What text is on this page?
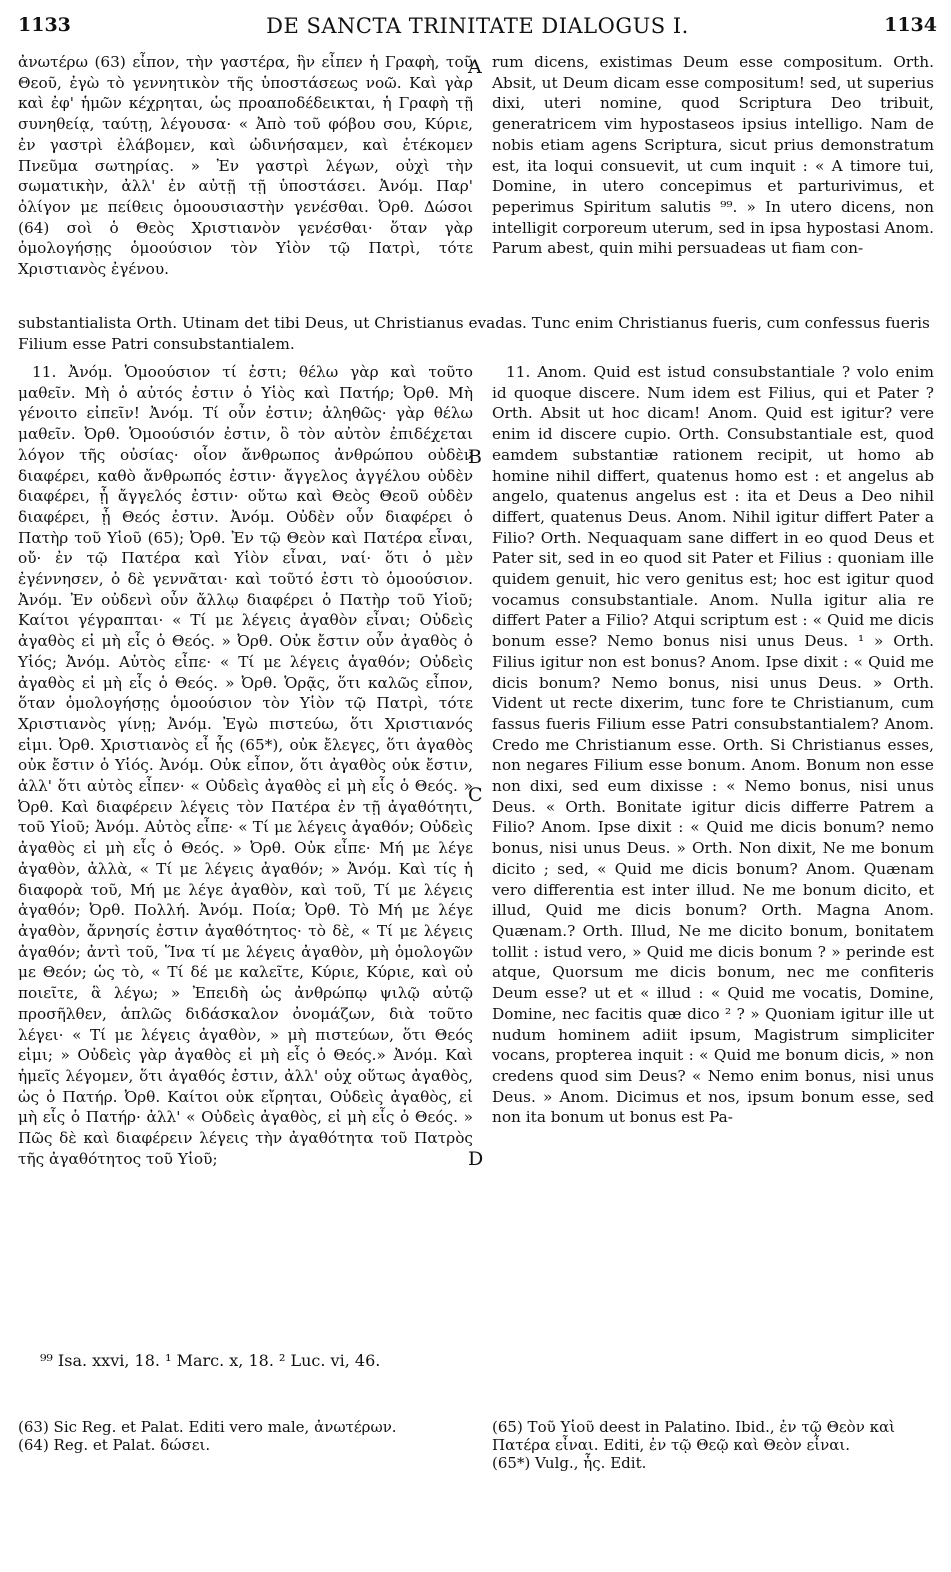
1133	DE SANCTA TRINITATE DIALOGUS I.	1134

ἀνωτέρω (63) εἶπον, τὴν γαστέρα, ἣν εἶπεν ἡ Γραφὴ, τοῦ Θεοῦ, ἐγὼ τὸ γεννητικὸν τῆς ὑποστάσεως νοῶ. Καὶ γὰρ καὶ ἐφ' ἡμῶν κέχρηται, ὡς προαποδέδεικται, ἡ Γραφὴ τῇ συνηθείᾳ, ταύτῃ, λέγουσα· « Ἀπὸ τοῦ φόβου σου, Κύριε, ἐν γαστρὶ ἐλάβομεν, καὶ ὠδινήσαμεν, καὶ ἐτέκομεν Πνεῦμα σωτηρίας. » Ἐν γαστρὶ λέγων, οὐχὶ τὴν σωματικὴν, ἀλλ' ἐν αὐτῇ τῇ ὑποστάσει. Ἀνόμ. Παρ' ὀλίγον με πείθεις ὁμοουσιαστὴν γενέσθαι. Ὀρθ. Δώσοι (64) σοὶ ὁ Θεὸς Χριστιανὸν γενέσθαι· ὅταν γὰρ ὁμολογήσῃς ὁμοούσιον τὸν Υἱὸν τῷ Πατρὶ, τότε Χριστιανὸς ἐγένου.

A rum dicens, existimas Deum esse compositum. Orth. Absit, ut Deum dicam esse compositum! sed, ut superius dixi, uteri nomine, quod Scriptura Deo tribuit, generatricem vim hypostaseos ipsius intelligo. Nam de nobis etiam agens Scriptura, sicut prius demonstratum est, ita loqui consuevit, ut cum inquit : « A timore tui, Domine, in utero concepimus et parturivimus, et peperimus Spiritum salutis ⁹⁹. » In utero dicens, non intelligit corporeum uterum, sed in ipsa hypostasi Anom. Parum abest, quin mihi persuadeas ut fiam con-

substantialista Orth. Utinam det tibi Deus, ut Christianus evadas. Tunc enim Christianus fueris, cum confessus fueris Filium esse Patri consubstantialem.

11. Ἀνόμ. Ὁμοούσιον τί ἐστι; θέλω γὰρ καὶ τοῦτο μαθεῖν. Μὴ ὁ αὐτός ἐστιν ὁ Υἱὸς καὶ Πατήρ; Ὀρθ. Μὴ γένοιτο εἰπεῖν! Ἀνόμ. Τί οὖν ἐστιν; ἀληθῶς· γὰρ θέλω μαθεῖν. Ὀρθ. Ὁμοούσιόν ἐστιν, ὃ τὸν αὐτὸν ἐπιδέχεται λόγον τῆς οὐσίας· οἷον ἄνθρωπος ἀνθρώπου οὐδὲν διαφέρει, καθὸ ἄνθρωπός ἐστιν· ἄγγελος ἀγγέλου οὐδὲν διαφέρει, ᾗ ἄγγελός ἐστιν· οὕτω καὶ Θεὸς Θεοῦ οὐδὲν διαφέρει, ᾗ Θεός ἐστιν. Ἀνόμ. Οὐδὲν οὖν διαφέρει ὁ Πατὴρ τοῦ Υἱοῦ (65); Ὀρθ. Ἐν τῷ Θεὸν καὶ Πατέρα εἶναι, οὔ· ἐν τῷ Πατέρα καὶ Υἱὸν εἶναι, ναί· ὅτι ὁ μὲν ἐγέννησεν, ὁ δὲ γεννᾶται· καὶ τοῦτό ἐστι τὸ ὁμοούσιον. Ἀνόμ. Ἐν οὐδενὶ οὖν ἄλλῳ διαφέρει ὁ Πατὴρ τοῦ Υἱοῦ; Καίτοι γέγραπται· « Τί με λέγεις ἀγαθὸν εἶναι; Οὐδεὶς ἀγαθὸς εἰ μὴ εἷς ὁ Θεός. » Ὀρθ. Οὐκ ἔστιν οὖν ἀγαθὸς ὁ Υἱός; Ἀνόμ. Αὐτὸς εἶπε· « Τί με λέγεις ἀγαθόν; Οὐδεὶς ἀγαθὸς εἰ μὴ εἷς ὁ Θεός. » Ὀρθ. Ὁρᾷς, ὅτι καλῶς εἶπον, ὅταν ὁμολογήσῃς ὁμοούσιον τὸν Υἱὸν τῷ Πατρὶ, τότε Χριστιανὸς γίνῃ; Ἀνόμ. Ἐγὼ πιστεύω, ὅτι Χριστιανός εἰμι. Ὀρθ. Χριστιανὸς εἶ ἧς (65*), οὐκ ἔλεγες, ὅτι ἀγαθὸς οὐκ ἔστιν ὁ Υἱός. Ἀνόμ. Οὐκ εἶπον, ὅτι ἀγαθὸς οὐκ ἔστιν, ἀλλ' ὅτι αὐτὸς εἶπεν· « Οὐδεὶς ἀγαθὸς εἰ μὴ εἷς ὁ Θεός. » Ὀρθ. Καὶ διαφέρειν λέγεις τὸν Πατέρα ἐν τῇ ἀγαθότητι, τοῦ Υἱοῦ; Ἀνόμ. Αὐτὸς εἶπε· « Τί με λέγεις ἀγαθόν; Οὐδεὶς ἀγαθὸς εἰ μὴ εἷς ὁ Θεός. » Ὀρθ. Οὐκ εἶπε· Μή με λέγε ἀγαθὸν, ἀλλὰ, « Τί με λέγεις ἀγαθόν; » Ἀνόμ. Καὶ τίς ἡ διαφορὰ τοῦ, Μή με λέγε ἀγαθὸν, καὶ τοῦ, Τί με λέγεις ἀγαθόν; Ὀρθ. Πολλή. Ἀνόμ. Ποία; Ὀρθ. Τὸ Μή με λέγε ἀγαθὸν, ἄρνησίς ἐστιν ἀγαθότητος· τὸ δὲ, « Τί με λέγεις ἀγαθόν; ἀντὶ τοῦ, Ἵνα τί με λέγεις ἀγαθὸν, μὴ ὁμολογῶν με Θεόν; ὡς τὸ, « Τί δέ με καλεῖτε, Κύριε, Κύριε, καὶ οὐ ποιεῖτε, ἃ λέγω; » Ἐπειδὴ ὡς ἀνθρώπῳ ψιλῷ αὐτῷ προσῆλθεν, ἁπλῶς διδάσκαλον ὀνομάζων, διὰ τοῦτο λέγει· « Τί με λέγεις ἀγαθὸν, » μὴ πιστεύων, ὅτι Θεός εἰμι; » Οὐδεὶς γὰρ ἀγαθὸς εἰ μὴ εἷς ὁ Θεός.» Ἀνόμ. Καὶ ἡμεῖς λέγομεν, ὅτι ἀγαθός ἐστιν, ἀλλ' οὐχ οὕτως ἀγαθὸς, ὡς ὁ Πατήρ. Ὀρθ. Καίτοι οὐκ εἴρηται, Οὐδεὶς ἀγαθὸς, εἰ μὴ εἷς ὁ Πατήρ· ἀλλ' « Οὐδεὶς ἀγαθὸς, εἰ μὴ εἷς ὁ Θεός. » Πῶς δὲ καὶ διαφέρειν λέγεις τὴν ἀγαθότητα τοῦ Πατρὸς τῆς ἀγαθότητος τοῦ Υἱοῦ;

B
C
D

11. Anom. Quid est istud consubstantiale ? volo enim id quoque discere. Num idem est Filius, qui et Pater ? Orth. Absit ut hoc dicam! Anom. Quid est igitur? vere enim id discere cupio. Orth. Consubstantiale est, quod eamdem substantiæ rationem recipit, ut homo ab homine nihil differt, quatenus homo est : et angelus ab angelo, quatenus angelus est : ita et Deus a Deo nihil differt, quatenus Deus. Anom. Nihil igitur differt Pater a Filio? Orth. Nequaquam sane differt in eo quod Deus et Pater sit, sed in eo quod sit Pater et Filius : quoniam ille quidem genuit, hic vero genitus est; hoc est igitur quod vocamus consubstantiale. Anom. Nulla igitur alia re differt Pater a Filio? Atqui scriptum est : « Quid me dicis bonum esse? Nemo bonus nisi unus Deus. ¹ » Orth. Filius igitur non est bonus? Anom. Ipse dixit : « Quid me dicis bonum? Nemo bonus, nisi unus Deus. » Orth. Vident ut recte dixerim, tunc fore te Christianum, cum fassus fueris Filium esse Patri consubstantialem? Anom. Credo me Christianum esse. Orth. Si Christianus esses, non negares Filium esse bonum. Anom. Bonum non esse non dixi, sed eum dixisse : « Nemo bonus, nisi unus Deus. « Orth. Bonitate igitur dicis differre Patrem a Filio? Anom. Ipse dixit : « Quid me dicis bonum? nemo bonus, nisi unus Deus. » Orth. Non dixit, Ne me bonum dicito ; sed, « Quid me dicis bonum? Anom. Quænam vero differentia est inter illud. Ne me bonum dicito, et illud, Quid me dicis bonum? Orth. Magna Anom. Quænam.? Orth. Illud, Ne me dicito bonum, bonitatem tollit : istud vero, » Quid me dicis bonum ? » perinde est atque, Quorsum me dicis bonum, nec me confiteris Deum esse? ut et « illud : « Quid me vocatis, Domine, Domine, nec facitis quæ dico ² ? » Quoniam igitur ille ut nudum hominem adiit ipsum, Magistrum simpliciter vocans, propterea inquit : « Quid me bonum dicis, » non credens quod sim Deus? « Nemo enim bonus, nisi unus Deus. » Anom. Dicimus et nos, ipsum bonum esse, sed non ita bonum ut bonus est Pa-

⁹⁹ Isa. xxvi, 18. ¹ Marc. x, 18. ² Luc. vi, 46.

(63) Sic Reg. et Palat. Editi vero male, ἀνωτέρων.

(64) Reg. et Palat. δώσει.

(65) Τοῦ Υἱοῦ deest in Palatino. Ibid., ἐν τῷ Θεὸν καὶ Πατέρα εἶναι. Editi, ἐν τῷ Θεῷ καὶ Θεὸν εἶναι.

(65*) Vulg., ἧς. Edit.
